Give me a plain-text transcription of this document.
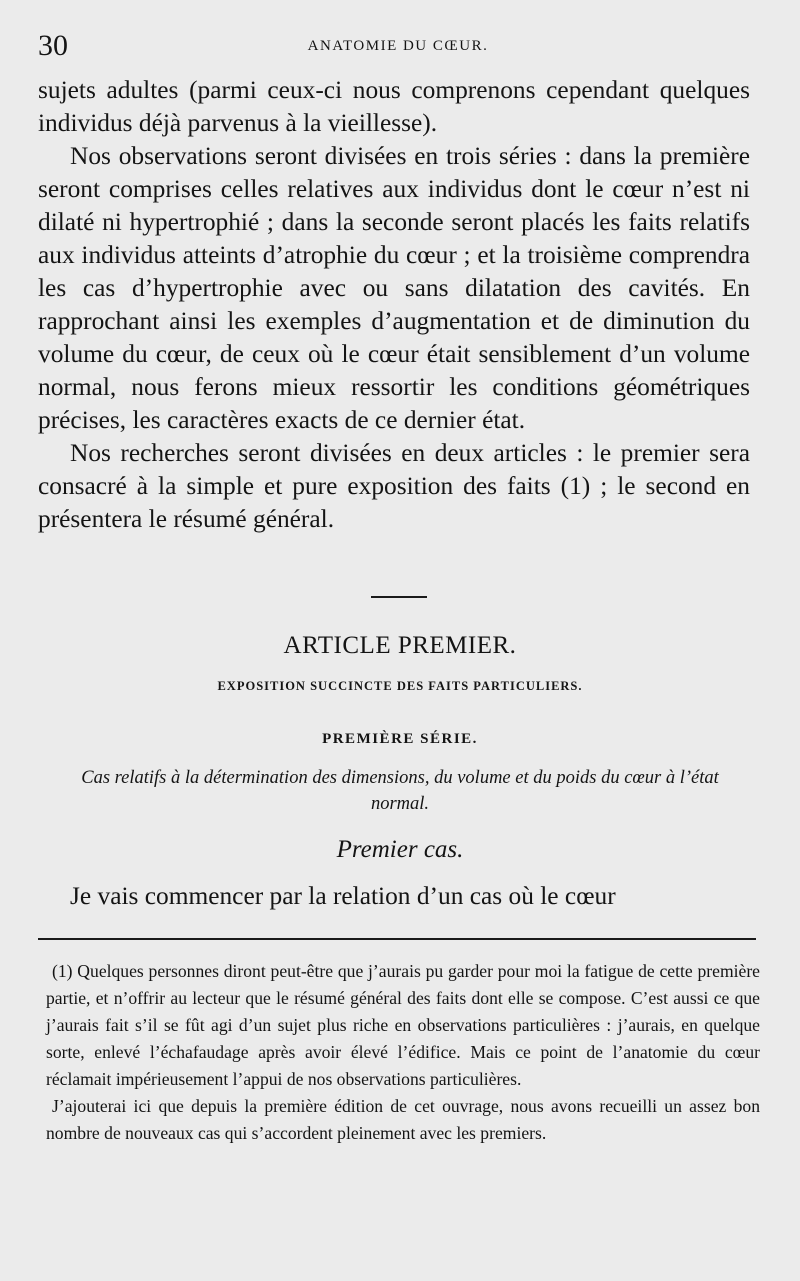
30	ANATOMIE DU CŒUR.

sujets adultes (parmi ceux-ci nous comprenons cependant quelques individus déjà parvenus à la vieillesse).

Nos observations seront divisées en trois séries : dans la première seront comprises celles relatives aux individus dont le cœur n’est ni dilaté ni hypertrophié ; dans la seconde seront placés les faits relatifs aux individus atteints d’atrophie du cœur ; et la troisième comprendra les cas d’hypertrophie avec ou sans dilatation des cavités. En rapprochant ainsi les exemples d’augmentation et de diminution du volume du cœur, de ceux où le cœur était sensiblement d’un volume normal, nous ferons mieux ressortir les conditions géométriques précises, les caractères exacts de ce dernier état.

Nos recherches seront divisées en deux articles : le premier sera consacré à la simple et pure exposition des faits (1) ; le second en présentera le résumé général.

ARTICLE PREMIER.
EXPOSITION SUCCINCTE DES FAITS PARTICULIERS.
PREMIÈRE SÉRIE.
Cas relatifs à la détermination des dimensions, du volume et du poids du cœur à l’état normal.
Premier cas.
Je vais commencer par la relation d’un cas où le cœur

(1) Quelques personnes diront peut-être que j’aurais pu garder pour moi la fatigue de cette première partie, et n’offrir au lecteur que le résumé général des faits dont elle se compose. C’est aussi ce que j’aurais fait s’il se fût agi d’un sujet plus riche en observations particulières : j’aurais, en quelque sorte, enlevé l’échafaudage après avoir élevé l’édifice. Mais ce point de l’anatomie du cœur réclamait impérieusement l’appui de nos observations particulières.

J’ajouterai ici que depuis la première édition de cet ouvrage, nous avons recueilli un assez bon nombre de nouveaux cas qui s’accordent pleinement avec les premiers.
